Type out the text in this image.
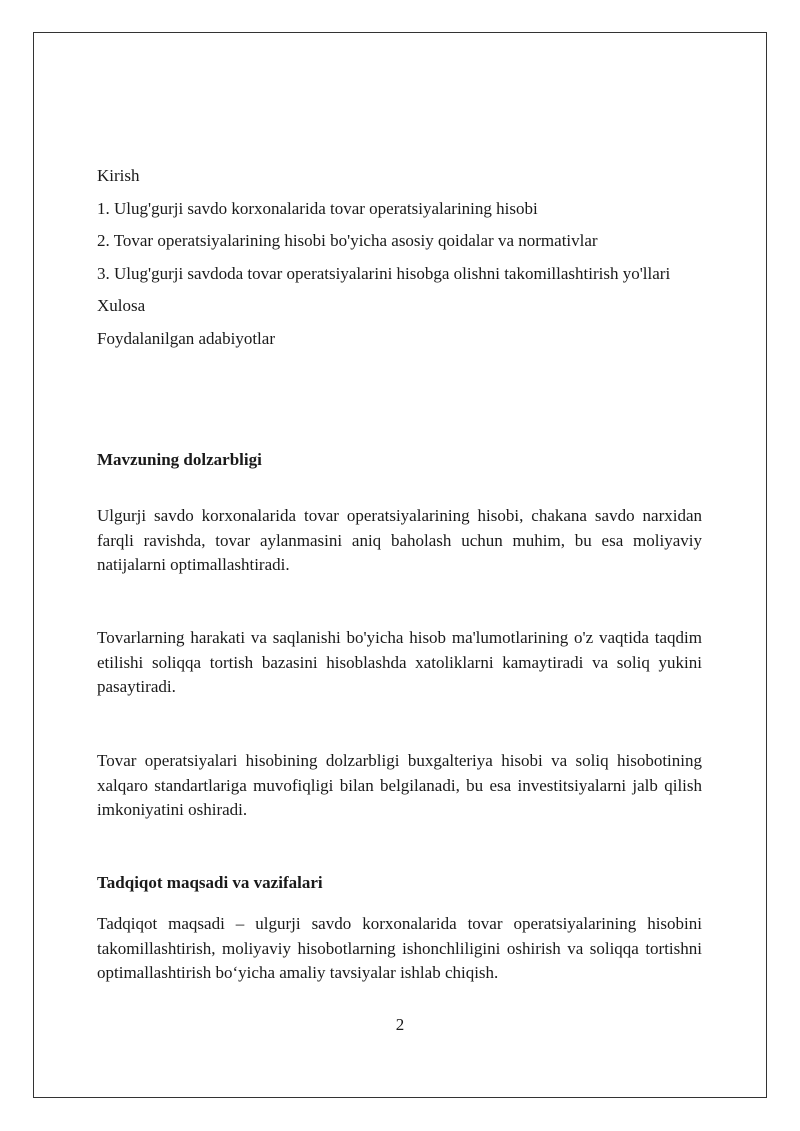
Kirish

1. Ulug'gurji savdo korxonalarida tovar operatsiyalarining hisobi

2. Tovar operatsiyalarining hisobi bo'yicha asosiy qoidalar va normativlar

3. Ulug'gurji savdoda tovar operatsiyalarini hisobga olishni takomillashtirish yo'llari

Xulosa

Foydalanilgan adabiyotlar

Mavzuning dolzarbligi

Ulgurji savdo korxonalarida tovar operatsiyalarining hisobi, chakana savdo narxidan farqli ravishda, tovar aylanmasini aniq baholash uchun muhim, bu esa moliyaviy natijalarni optimallashtiradi.

Tovarlarning harakati va saqlanishi bo'yicha hisob ma'lumotlarining o'z vaqtida taqdim etilishi soliqqa tortish bazasini hisoblashda xatoliklarni kamaytiradi va soliq yukini pasaytiradi.

Tovar operatsiyalari hisobining dolzarbligi buxgalteriya hisobi va soliq hisobotining xalqaro standartlariga muvofiqligi bilan belgilanadi, bu esa investitsiyalarni jalb qilish imkoniyatini oshiradi.

Tadqiqot maqsadi va vazifalari

Tadqiqot maqsadi – ulgurji savdo korxonalarida tovar operatsiyalarining hisobini takomillashtirish, moliyaviy hisobotlarning ishonchliligini oshirish va soliqqa tortishni optimallashtirish bo‘yicha amaliy tavsiyalar ishlab chiqish.

2
